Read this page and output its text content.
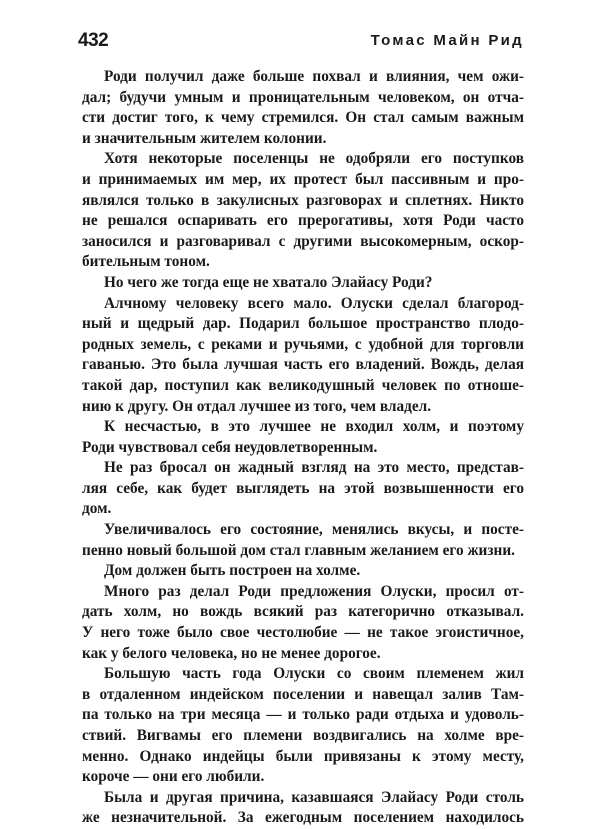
432	Томас Майн Рид
Роди получил даже больше похвал и влияния, чем ожи-
дал; будучи умным и проницательным человеком, он отча-
сти достиг того, к чему стремился. Он стал самым важным
и значительным жителем колонии.
Хотя некоторые поселенцы не одобряли его поступков
и принимаемых им мер, их протест был пассивным и про-
являлся только в закулисных разговорах и сплетнях. Никто
не решался оспаривать его прерогативы, хотя Роди часто
заносился и разговаривал с другими высокомерным, оскор-
бительным тоном.
Но чего же тогда еще не хватало Элайасу Роди?
Алчному человеку всего мало. Олуски сделал благород-
ный и щедрый дар. Подарил большое пространство плодо-
родных земель, с реками и ручьями, с удобной для торговли
гаванью. Это была лучшая часть его владений. Вождь, делая
такой дар, поступил как великодушный человек по отноше-
нию к другу. Он отдал лучшее из того, чем владел.
К несчастью, в это лучшее не входил холм, и поэтому
Роди чувствовал себя неудовлетворенным.
Не раз бросал он жадный взгляд на это место, представ-
ляя себе, как будет выглядеть на этой возвышенности его
дом.
Увеличивалось его состояние, менялись вкусы, и посте-
пенно новый большой дом стал главным желанием его жизни.
Дом должен быть построен на холме.
Много раз делал Роди предложения Олуски, просил от-
дать холм, но вождь всякий раз категорично отказывал.
У него тоже было свое честолюбие — не такое эгоистичное,
как у белого человека, но не менее дорогое.
Большую часть года Олуски со своим племенем жил
в отдаленном индейском поселении и навещал залив Там-
па только на три месяца — и только ради отдыха и удоволь-
ствий. Вигвамы его племени воздвигались на холме вре-
менно. Однако индейцы были привязаны к этому месту,
короче — они его любили.
Была и другая причина, казавшаяся Элайасу Роди столь
же незначительной. За ежегодным поселением находилось
